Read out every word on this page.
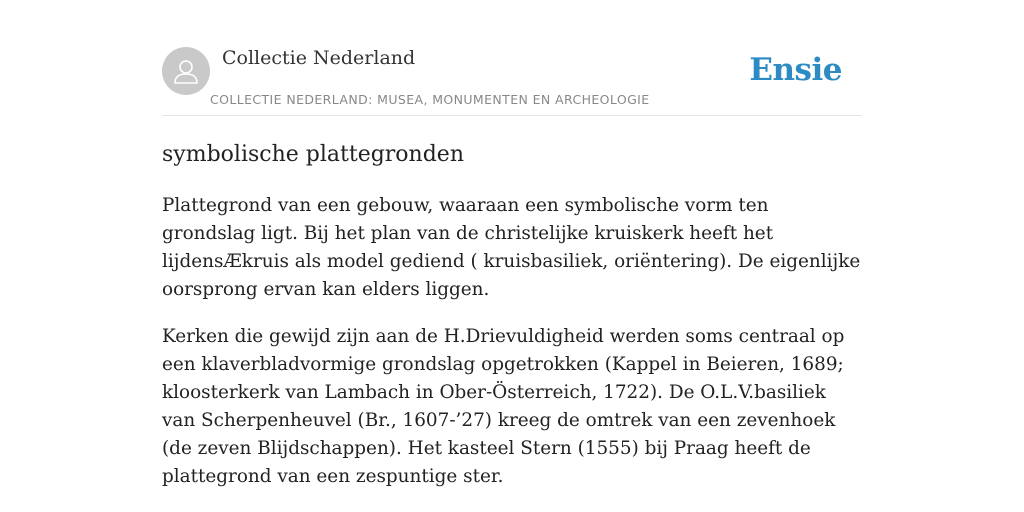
Collectie Nederland
COLLECTIE NEDERLAND: MUSEA, MONUMENTEN EN ARCHEOLOGIE
Ensie
symbolische plattegronden

Plattegrond van een gebouw, waaraan een symbolische vorm ten grondslag ligt. Bij het plan van de christelijke kruiskerk heeft het lijdensÆkruis als model gediend ( kruisbasiliek, oriëntering). De eigenlijke oorsprong ervan kan elders liggen.

Kerken die gewijd zijn aan de H.Drievuldigheid werden soms centraal op een klaverbladvormige grondslag opgetrokken (Kappel in Beieren, 1689; kloosterkerk van Lambach in Ober-Österreich, 1722). De O.L.V.basiliek van Scherpenheuvel (Br., 1607-’27) kreeg de omtrek van een zevenhoek (de zeven Blijdschappen). Het kasteel Stern (1555) bij Praag heeft de plattegrond van een zespuntige ster.
